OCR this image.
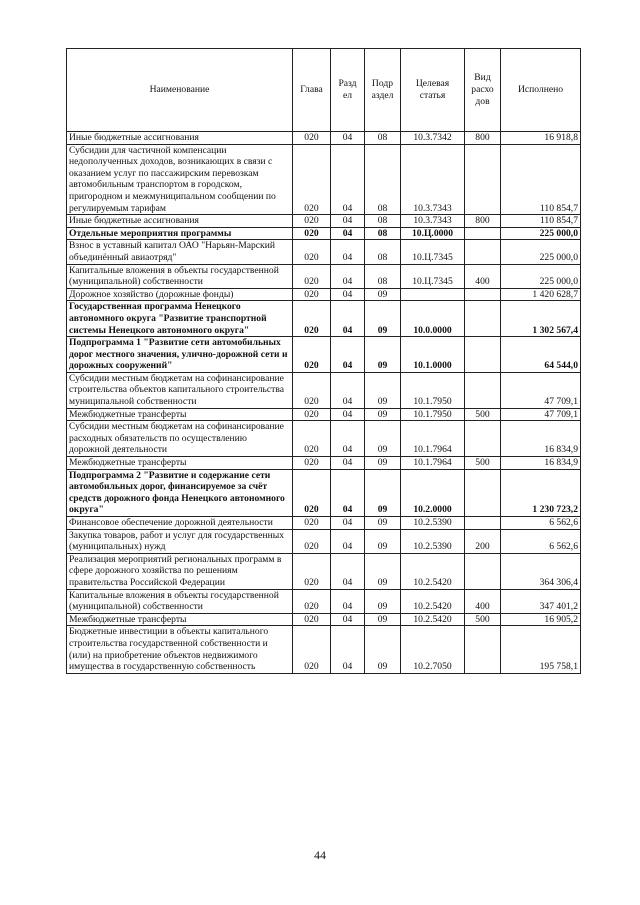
Наименование	Глава	Разд ел	Подр аздел	Целевая статья	Вид расхо дов	Исполнено
Иные бюджетные ассигнования	020	04	08	10.3.7342	800	16 918,8
Субсидии для частичной компенсации недополученных доходов, возникающих в связи с оказанием услуг по пассажирским перевозкам автомобильным транспортом в городском, пригородном и межмуниципальном сообщении по регулируемым тарифам	020	04	08	10.3.7343		110 854,7
Иные бюджетные ассигнования	020	04	08	10.3.7343	800	110 854,7
Отдельные мероприятия программы	020	04	08	10.Ц.0000		225 000,0
Взнос в уставный капитал ОАО "Нарьян-Марский объединённый авиаотряд"	020	04	08	10.Ц.7345		225 000,0
Капитальные вложения в объекты государственной (муниципальной) собственности	020	04	08	10.Ц.7345	400	225 000,0
Дорожное хозяйство (дорожные фонды)	020	04	09			1 420 628,7
Государственная программа Ненецкого автономного округа "Развитие транспортной системы Ненецкого автономного округа"	020	04	09	10.0.0000		1 302 567,4
Подпрограмма 1 "Развитие сети автомобильных дорог местного значения, улично-дорожной сети и дорожных сооружений"	020	04	09	10.1.0000		64 544,0
Субсидии местным бюджетам на софинансирование строительства объектов капитального строительства муниципальной собственности	020	04	09	10.1.7950		47 709,1
Межбюджетные трансферты	020	04	09	10.1.7950	500	47 709,1
Субсидии местным бюджетам на софинансирование расходных обязательств по осуществлению дорожной деятельности	020	04	09	10.1.7964		16 834,9
Межбюджетные трансферты	020	04	09	10.1.7964	500	16 834,9
Подпрограмма 2 "Развитие и содержание сети автомобильных дорог, финансируемое за счёт средств дорожного фонда Ненецкого автономного округа"	020	04	09	10.2.0000		1 230 723,2
Финансовое обеспечение дорожной деятельности	020	04	09	10.2.5390		6 562,6
Закупка товаров, работ и услуг для государственных (муниципальных) нужд	020	04	09	10.2.5390	200	6 562,6
Реализация мероприятий региональных программ в сфере дорожного хозяйства по решениям правительства Российской Федерации	020	04	09	10.2.5420		364 306,4
Капитальные вложения в объекты государственной (муниципальной) собственности	020	04	09	10.2.5420	400	347 401,2
Межбюджетные трансферты	020	04	09	10.2.5420	500	16 905,2
Бюджетные инвестиции в объекты капитального строительства государственной собственности и (или) на приобретение объектов недвижимого имущества в государственную собственность	020	04	09	10.2.7050		195 758,1
44
